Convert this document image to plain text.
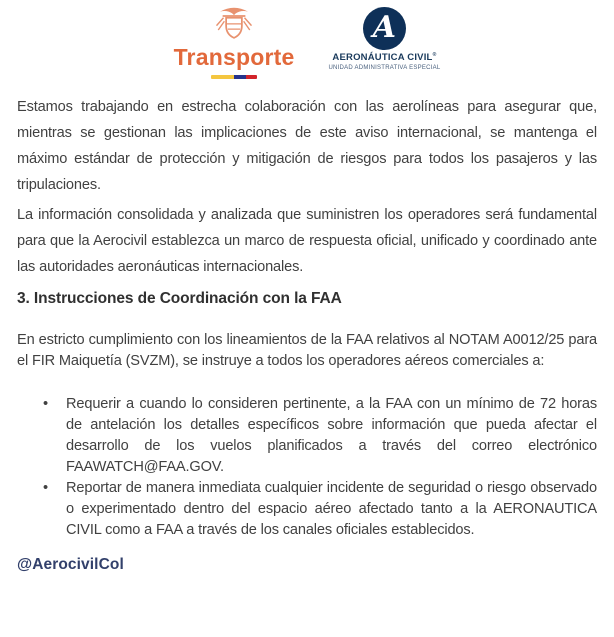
Transporte
A
AERONÁUTICA CIVIL®
UNIDAD ADMINISTRATIVA ESPECIAL

Estamos trabajando en estrecha colaboración con las aerolíneas para asegurar que, mientras se gestionan las implicaciones de este aviso internacional, se mantenga el máximo estándar de protección y mitigación de riesgos para todos los pasajeros y las tripulaciones.

La información consolidada y analizada que suministren los operadores será fundamental para que la Aerocivil establezca un marco de respuesta oficial, unificado y coordinado ante las autoridades aeronáuticas internacionales.

3. Instrucciones de Coordinación con la FAA

En estricto cumplimiento con los lineamientos de la FAA relativos al NOTAM A0012/25 para el FIR Maiquetía (SVZM), se instruye a todos los operadores aéreos comerciales a:

• Requerir a cuando lo consideren pertinente, a la FAA con un mínimo de 72 horas de antelación los detalles específicos sobre información que pueda afectar el desarrollo de los vuelos planificados a través del correo electrónico FAAWATCH@FAA.GOV.
• Reportar de manera inmediata cualquier incidente de seguridad o riesgo observado o experimentado dentro del espacio aéreo afectado tanto a la AERONAUTICA CIVIL como a FAA a través de los canales oficiales establecidos.
@AerocivilCol
